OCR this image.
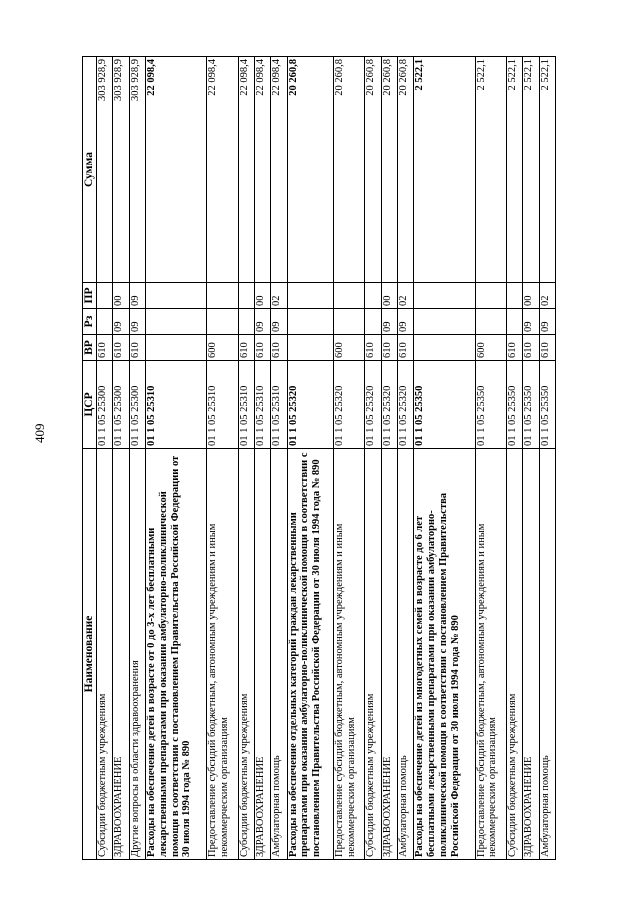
409
Наименование	ЦСР	ВР	Рз	ПР	Сумма
Субсидии бюджетным учреждениям	01 1 05 25300	610			303 928,9
ЗДРАВООХРАНЕНИЕ	01 1 05 25300	610	09	00	303 928,9
Другие вопросы в области здравоохранения	01 1 05 25300	610	09	09	303 928,9
Расходы на обеспечение детей в возрасте от 0 до 3-х лет бесплатными лекарственными препаратами при оказании амбулаторно-поликлинической помощи в соответствии с постановлением Правительства Российской Федерации от 30 июля 1994 года № 890	01 1 05 25310				22 098,4
Предоставление субсидий бюджетным, автономным учреждениям и иным некоммерческим организациям	01 1 05 25310	600			22 098,4
Субсидии бюджетным учреждениям	01 1 05 25310	610			22 098,4
ЗДРАВООХРАНЕНИЕ	01 1 05 25310	610	09	00	22 098,4
Амбулаторная помощь	01 1 05 25310	610	09	02	22 098,4
Расходы на обеспечение отдельных категорий граждан лекарственными препаратами при оказании амбулаторно-поликлинической помощи в соответствии с постановлением Правительства Российской Федерации от 30 июля 1994 года № 890	01 1 05 25320				20 260,8
Предоставление субсидий бюджетным, автономным учреждениям и иным некоммерческим организациям	01 1 05 25320	600			20 260,8
Субсидии бюджетным учреждениям	01 1 05 25320	610			20 260,8
ЗДРАВООХРАНЕНИЕ	01 1 05 25320	610	09	00	20 260,8
Амбулаторная помощь	01 1 05 25320	610	09	02	20 260,8
Расходы на обеспечение детей из многодетных семей в возрасте до 6 лет бесплатными лекарственными препаратами при оказании амбулаторно-поликлинической помощи в соответствии с постановлением Правительства Российской Федерации от 30 июля 1994 года № 890	01 1 05 25350				2 522,1
Предоставление субсидий бюджетным, автономным учреждениям и иным некоммерческим организациям	01 1 05 25350	600			2 522,1
Субсидии бюджетным учреждениям	01 1 05 25350	610			2 522,1
ЗДРАВООХРАНЕНИЕ	01 1 05 25350	610	09	00	2 522,1
Амбулаторная помощь	01 1 05 25350	610	09	02	2 522,1
